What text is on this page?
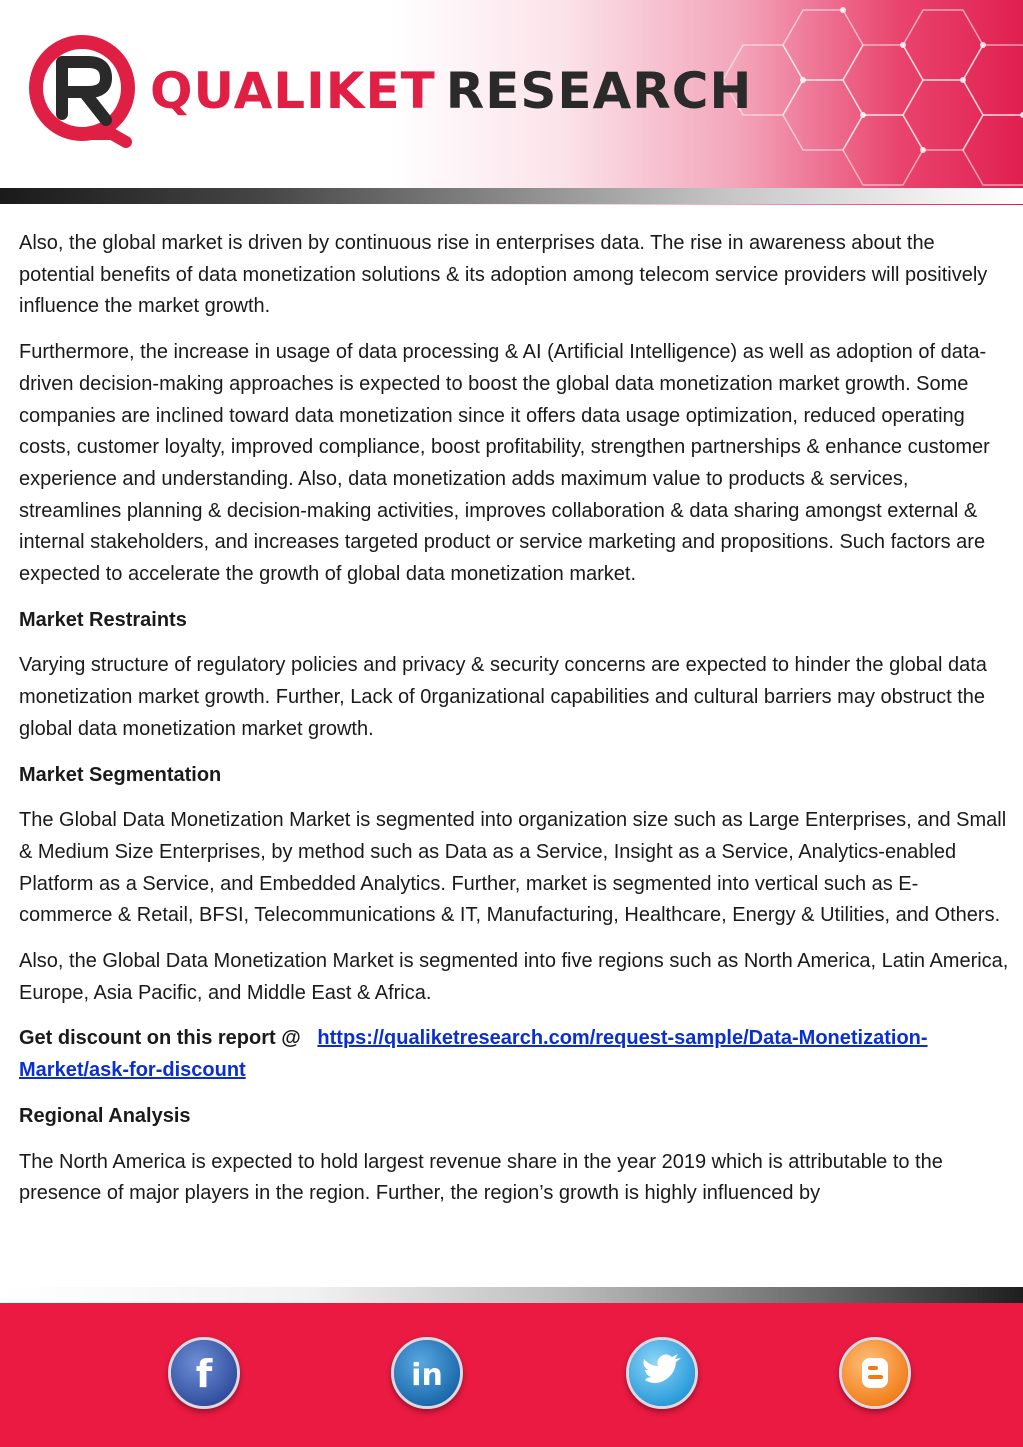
QUALIKET RESEARCH

Also, the global market is driven by continuous rise in enterprises data. The rise in awareness about the potential benefits of data monetization solutions & its adoption among telecom service providers will positively influence the market growth.

Furthermore, the increase in usage of data processing & AI (Artificial Intelligence) as well as adoption of data-driven decision-making approaches is expected to boost the global data monetization market growth. Some companies are inclined toward data monetization since it offers data usage optimization, reduced operating costs, customer loyalty, improved compliance, boost profitability, strengthen partnerships & enhance customer experience and understanding. Also, data monetization adds maximum value to products & services, streamlines planning & decision-making activities, improves collaboration & data sharing amongst external & internal stakeholders, and increases targeted product or service marketing and propositions. Such factors are expected to accelerate the growth of global data monetization market.

Market Restraints

Varying structure of regulatory policies and privacy & security concerns are expected to hinder the global data monetization market growth. Further, Lack of 0rganizational capabilities and cultural barriers may obstruct the global data monetization market growth.

Market Segmentation

The Global Data Monetization Market is segmented into organization size such as Large Enterprises, and Small & Medium Size Enterprises, by method such as Data as a Service, Insight as a Service, Analytics-enabled Platform as a Service, and Embedded Analytics. Further, market is segmented into vertical such as E-commerce & Retail, BFSI, Telecommunications & IT, Manufacturing, Healthcare, Energy & Utilities, and Others.

Also, the Global Data Monetization Market is segmented into five regions such as North America, Latin America, Europe, Asia Pacific, and Middle East & Africa.

Get discount on this report @ https://qualiketresearch.com/request-sample/Data-Monetization-Market/ask-for-discount

Regional Analysis

The North America is expected to hold largest revenue share in the year 2019 which is attributable to the presence of major players in the region. Further, the region’s growth is highly influenced by

f	in
